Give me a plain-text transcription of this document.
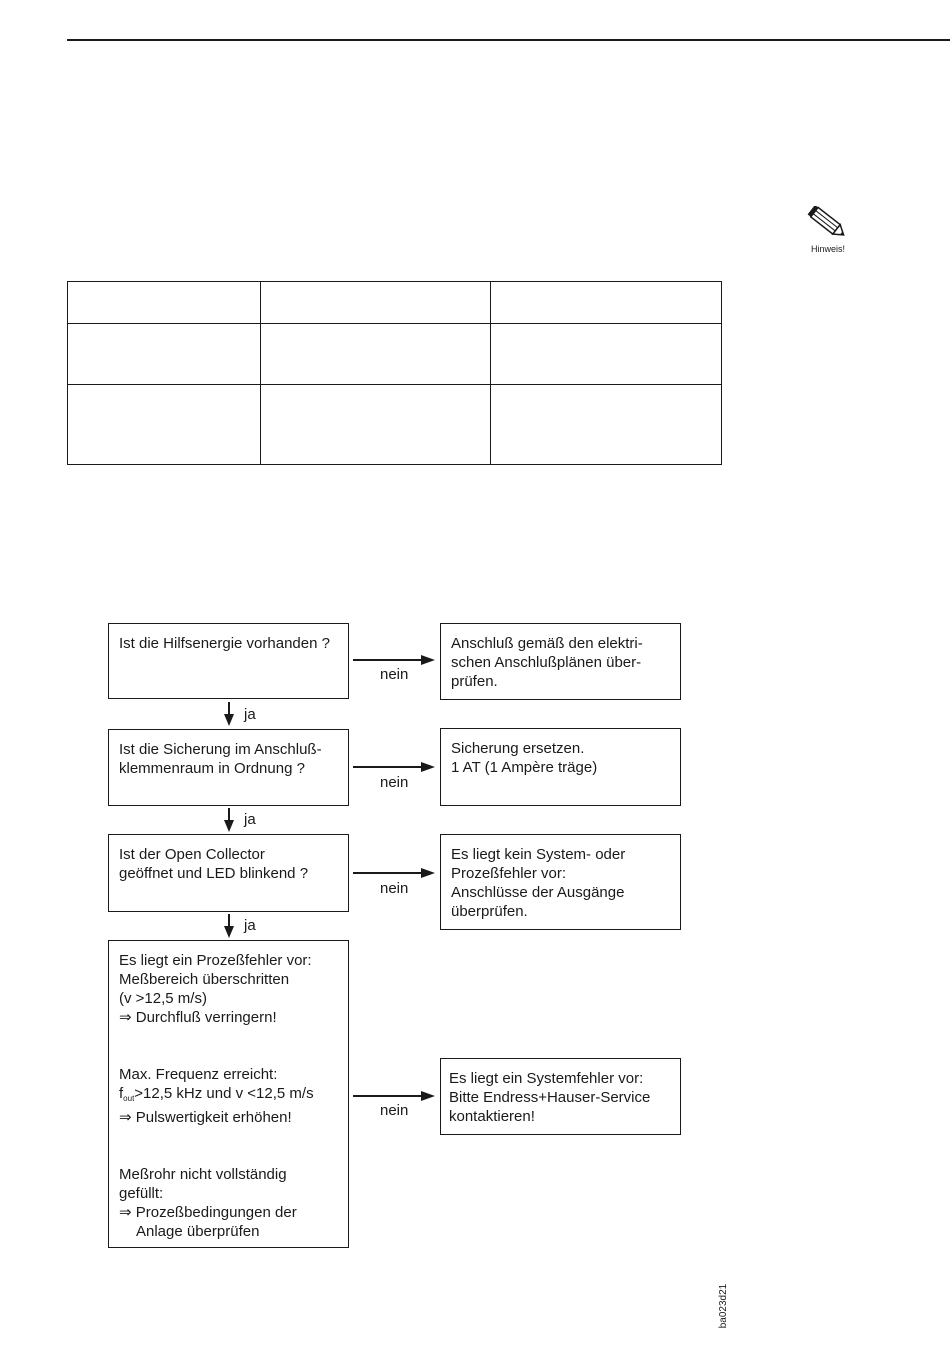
Hinweis!

Ist die Hilfsenergie vorhanden ?
nein
Anschluß gemäß den elektri-
schen Anschlußplänen über-
prüfen.
ja
Ist die Sicherung im Anschluß-
klemmenraum in Ordnung ?
nein
Sicherung ersetzen.
1 AT (1 Ampère träge)
ja
Ist der Open Collector
geöffnet und LED blinkend ?
nein
Es liegt kein System- oder
Prozeßfehler vor:
Anschlüsse der Ausgänge
überprüfen.
ja
Es liegt ein Prozeßfehler vor:
Meßbereich überschritten
(v >12,5 m/s)
⇒ Durchfluß verringern!
Max. Frequenz erreicht:
$f_{out}>12,5$ kHz und v <12,5 m/s
⇒ Pulswertigkeit erhöhen!
Meßrohr nicht vollständig
gefüllt:
⇒ Prozeßbedingungen der
Anlage überprüfen
nein
Es liegt ein Systemfehler vor:
Bitte Endress+Hauser-Service
kontaktieren!
ba023d21
